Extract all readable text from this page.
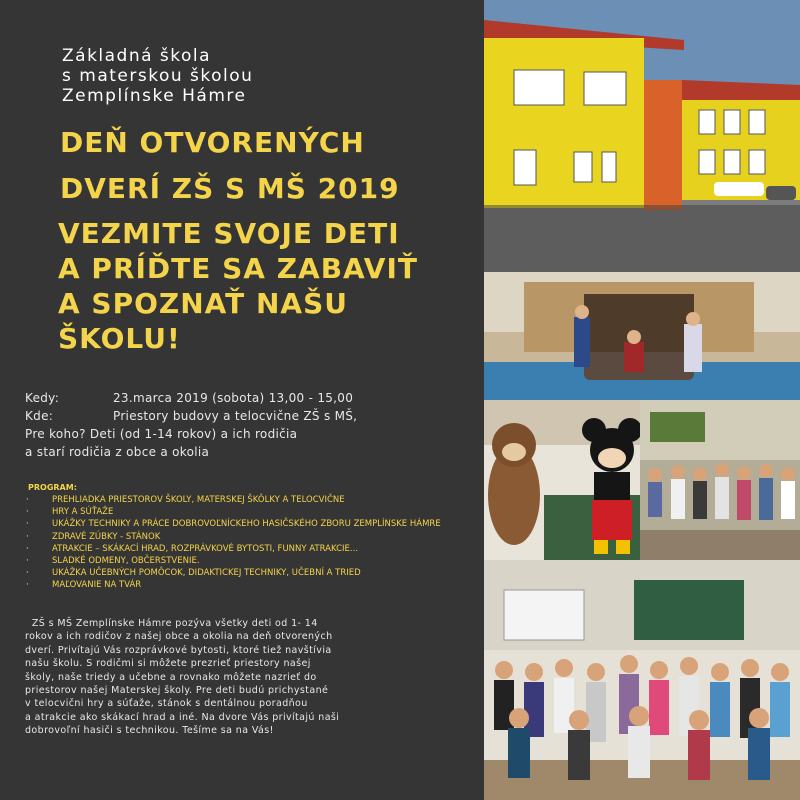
Základná škola
s materskou školou
Zemplínske Hámre
DEŇ OTVORENÝCH
DVERÍ ZŠ S MŠ 2019
VEZMITE SVOJE DETI
A PRÍĎTE SA ZABAVIŤ
A SPOZNAŤ NAŠU
ŠKOLU!
Kedy:	23.marca 2019 (sobota) 13,00 - 15,00
Kde:	Priestory budovy a telocvične ZŠ s MŠ,
Pre koho? Deti (od 1-14 rokov) a ich rodičia
a starí rodičia z obce a okolia
PROGRAM:
·	PREHLIADKA PRIESTOROV ŠKOLY, MATERSKEJ ŠKÔLKY A TELOCVIČNE
·	HRY A SÚŤAŽE
·	UKÁŽKY TECHNIKY A PRÁCE DOBROVOĽNÍCKEHO HASIČSKÉHO ZBORU ZEMPLÍNSKE HÁMRE
·	ZDRAVÉ ZÚBKY - STÁNOK
·	ATRAKCIE – SKÁKACÍ HRAD, ROZPRÁVKOVÉ BYTOSTI, FUNNY ATRAKCIE...
·	SLADKÉ ODMENY, OBČERSTVENIE.
·	UKÁŽKA UČEBNÝCH POMÔCOK, DIDAKTICKEJ TECHNIKY, UČEBNÍ A TRIED
·	MAĽOVANIE NA TVÁR
ZŠ s MŠ Zemplínske Hámre pozýva všetky deti od 1- 14
rokov a ich rodičov z našej obce a okolia na deň otvorených
dverí. Privítajú Vás rozprávkové bytosti, ktoré tiež navštívia
našu školu. S rodičmi si môžete prezrieť priestory našej
školy, naše triedy a učebne a rovnako môžete nazrieť do
priestorov našej Materskej školy. Pre deti budú prichystané
v telocvični hry a súťaže, stánok s dentálnou poradňou
a atrakcie ako skákací hrad a iné. Na dvore Vás privítajú naši
dobrovoľní hasiči s technikou. Tešíme sa na Vás!
